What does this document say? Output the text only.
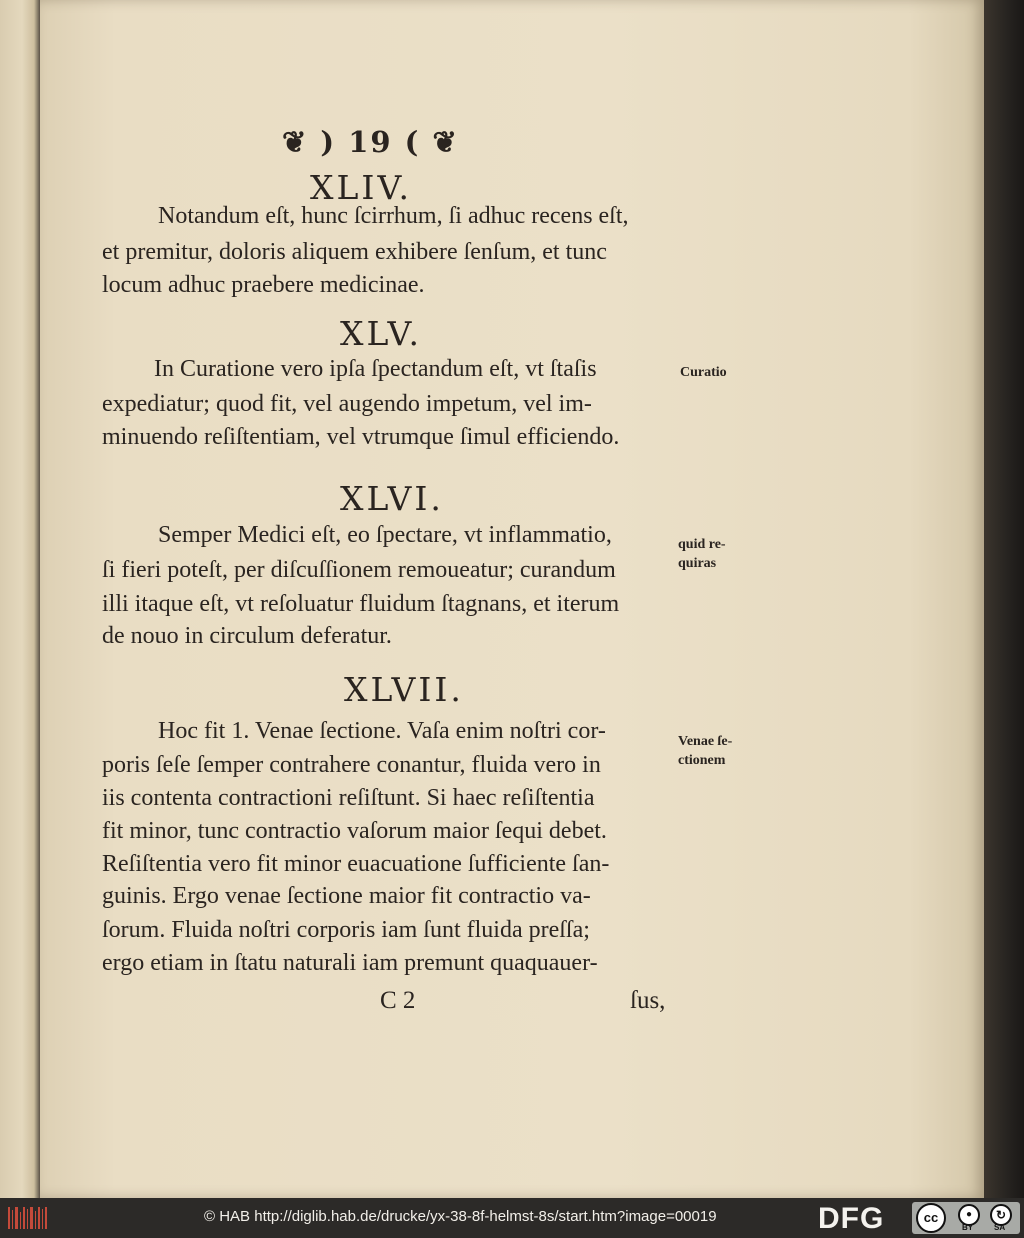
❦ ) 19 ( ❦
XLIV.
Notandum eſt, hunc ſcirrhum, ſi adhuc recens eſt,
et premitur, doloris aliquem exhibere ſenſum, et tunc
locum adhuc praebere medicinae.
XLV.
In Curatione vero ipſa ſpectandum eſt, vt ſtaſis
expediatur; quod fit, vel augendo impetum, vel im-
minuendo reſiſtentiam, vel vtrumque ſimul efficiendo.
Curatio
XLVI.
Semper Medici eſt, eo ſpectare, vt inflammatio,
ſi fieri poteſt, per diſcuſſionem remoueatur; curandum
illi itaque eſt, vt reſoluatur fluidum ſtagnans, et iterum
de nouo in circulum deferatur.
quid re-
quiras
XLVII.
Hoc fit 1. Venae ſectione. Vaſa enim noſtri cor-
poris ſeſe ſemper contrahere conantur, fluida vero in
iis contenta contractioni reſiſtunt. Si haec reſiſtentia
fit minor, tunc contractio vaſorum maior ſequi debet.
Reſiſtentia vero fit minor euacuatione ſufficiente ſan-
guinis. Ergo venae ſectione maior fit contractio va-
ſorum. Fluida noſtri corporis iam ſunt fluida preſſa;
ergo etiam in ſtatu naturali iam premunt quaquauer-
Venae ſe-
ctionem
C 2	ſus,
© HAB http://diglib.hab.de/drucke/yx-38-8f-helmst-8s/start.htm?image=00019	DFG	cc	●	↻
BY	SA
